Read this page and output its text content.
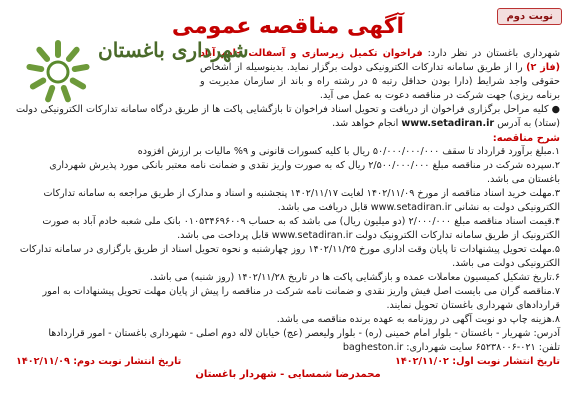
نوبت دوم
آگهی مناقصه عمومی
شهرداری باغستان	شهرداری باغستان در نظر دارد: فراخوان تکمیل زیرسازی و آسفالت خادم آباد (فاز ۲) را از طریق سامانه تدارکات الکترونیکی دولت برگزار نماید. بدینوسیله از اشخاص حقوقی واجد شرایط (دارا بودن حداقل رتبه ۵ در رشته راه و باند از سازمان مدیریت و برنامه ریزی) جهت شرکت در مناقصه دعوت به عمل می آید.
● کلیه مراحل برگزاری فراخوان از دریافت و تحویل اسناد فراخوان تا بازگشایی پاکت ها از طریق درگاه سامانه تدارکات الکترونیکی دولت (ستاد) به آدرس www.setadiran.ir انجام خواهد شد.
شرح مناقصه:
۱.مبلغ برآورد قرارداد تا سقف ۵۰/۰۰۰/۰۰۰/۰۰۰ ریال با کلیه کسورات قانونی و ۹% مالیات بر ارزش افزوده
۲.سپرده شرکت در مناقصه مبلغ ۲/۵۰۰/۰۰۰/۰۰۰ ریال که به صورت واریز نقدی و ضمانت نامه معتبر بانکی مورد پذیرش شهرداری باغستان می باشد.
۳.مهلت خرید اسناد مناقصه از مورخ ۱۴۰۲/۱۱/۰۹ لغایت ۱۴۰۲/۱۱/۱۷ پنجشنبه و اسناد و مدارک از طریق مراجعه به سامانه تدارکات الکترونیکی دولت به نشانی www.setadiran.ir قابل دریافت می باشد.
۴.قیمت اسناد مناقصه مبلغ ۲/۰۰۰/۰۰۰ (دو میلیون ریال) می باشد که به حساب ۰۱۰۵۳۴۶۹۶۰۰۹ بانک ملی شعبه خادم آباد به صورت الکترونیک از طریق سامانه تدارکات الکترونیک دولت www.setadiran.ir قابل پرداخت می باشد.
۵.مهلت تحویل پیشنهادات تا پایان وقت اداری مورخ ۱۴۰۲/۱۱/۲۵ روز چهارشنبه و نحوه تحویل اسناد از طریق بارگزاری در سامانه تدارکات الکترونیکی دولت می باشد.
۶.تاریخ تشکیل کمیسیون معاملات عمده و بازگشایی پاکت ها در تاریخ ۱۴۰۲/۱۱/۲۸ (روز شنبه) می باشد.
۷.مناقصه گران می بایست اصل فیش واریز نقدی و ضمانت نامه شرکت در مناقصه را پیش از پایان مهلت تحویل پیشنهادات به امور قراردادهای شهرداری باغستان تحویل نمایند.
۸.هزینه چاپ دو نوبت آگهی در روزنامه به عهده برنده مناقصه می باشد.
آدرس: شهریار - باغستان - بلوار امام خمینی (ره) - بلوار ولیعصر (عج) خیابان لاله دوم اصلی - شهرداری باغستان - امور قراردادها
تلفن: ۰۲۱-۶۵۲۳۸۰۰۶ سایت شهرداری: bagheston.ir
تاریخ انتشار نوبت اول: ۱۴۰۲/۱۱/۰۲
تاریخ انتشار نوبت دوم: ۱۴۰۲/۱۱/۰۹
محمدرضا شمسایی - شهردار باغستان
